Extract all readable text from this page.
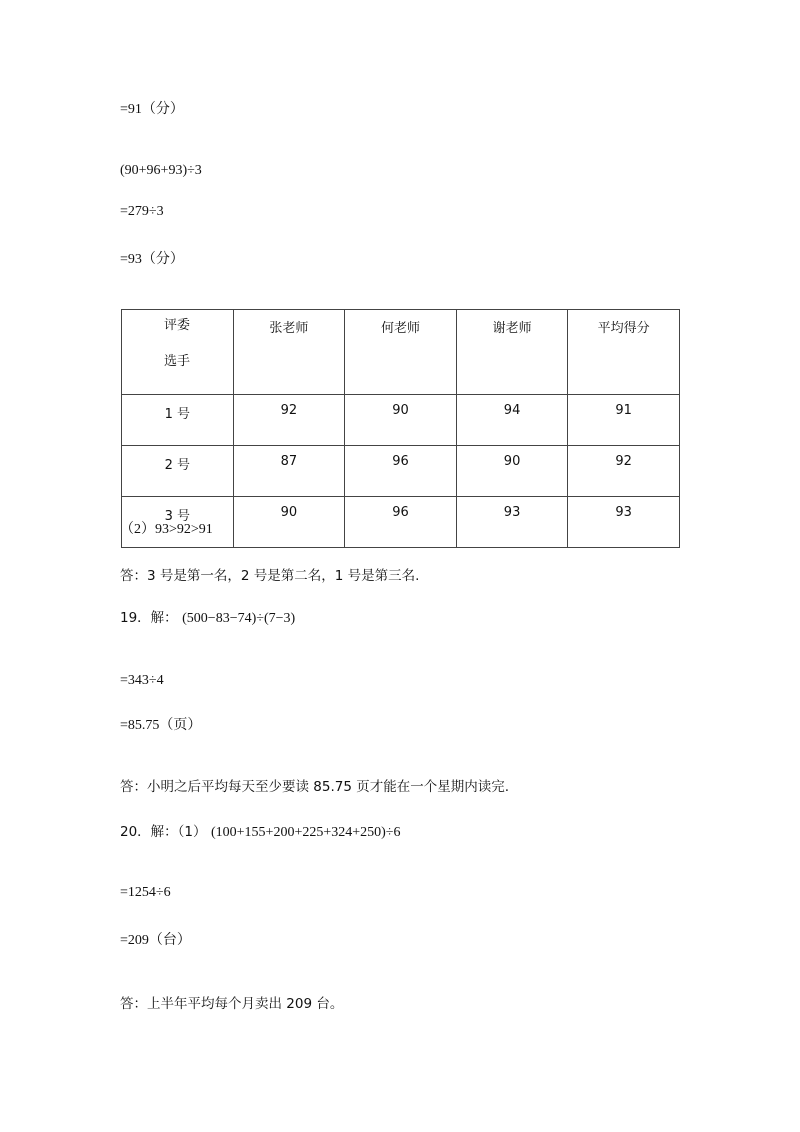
=91（分）
(90+96+93)÷3
=279÷3
=93（分）
评委
选手	张老师	何老师	谢老师	平均得分
1 号	92	90	94	91
2 号	87	96	90	92
3 号	90	96	93	93
（2）93>92>91
答：3 号是第一名，2 号是第二名，1 号是第三名.
19．解： (500−83−74)÷(7−3)
=343÷4
=85.75（页）
答：小明之后平均每天至少要读 85.75 页才能在一个星期内读完.
20．解：（1） (100+155+200+225+324+250)÷6
=1254÷6
=209（台）
答：上半年平均每个月卖出 209 台。
